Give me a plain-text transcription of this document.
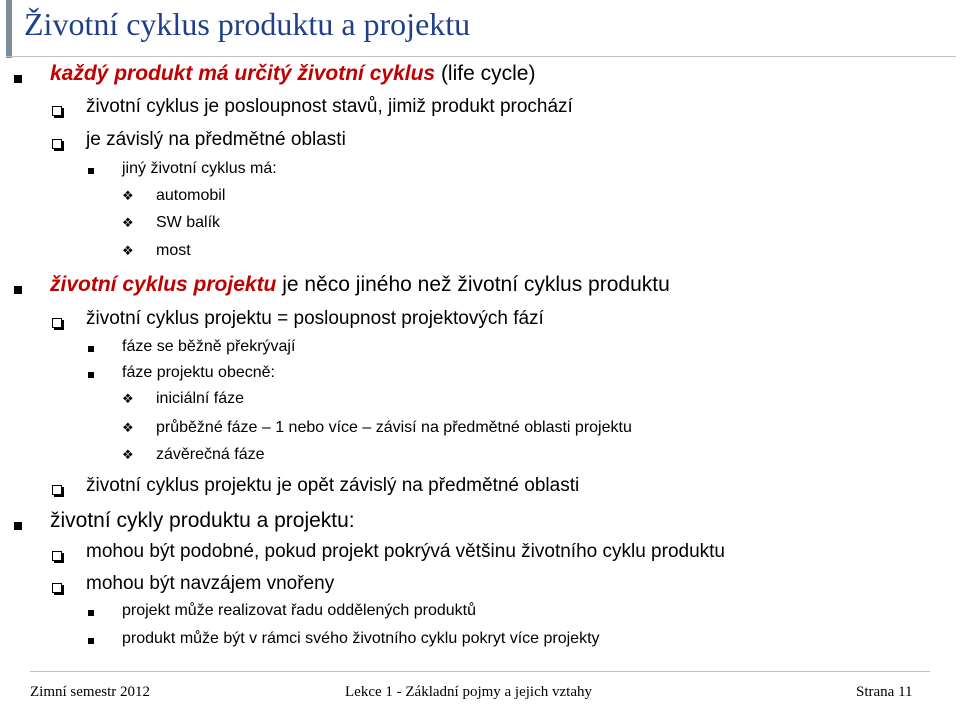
Životní cyklus produktu a projektu
každý produkt má určitý životní cyklus (life cycle)
životní cyklus je posloupnost stavů, jimiž produkt prochází
je závislý na předmětné oblasti
jiný životní cyklus má:
❖ automobil
❖ SW balík
❖ most
životní cyklus projektu je něco jiného než životní cyklus produktu
životní cyklus projektu = posloupnost projektových fází
fáze se běžně překrývají
fáze projektu obecně:
❖ iniciální fáze
❖ průběžné fáze – 1 nebo více – závisí na předmětné oblasti projektu
❖ závěrečná fáze
životní cyklus projektu je opět závislý na předmětné oblasti
životní cykly produktu a projektu:
mohou být podobné, pokud projekt pokrývá většinu životního cyklu produktu
mohou být navzájem vnořeny
projekt může realizovat řadu oddělených produktů
produkt může být v rámci svého životního cyklu pokryt více projekty
Zimní semestr 2012	Lekce 1 - Základní pojmy a jejich vztahy	Strana 11
